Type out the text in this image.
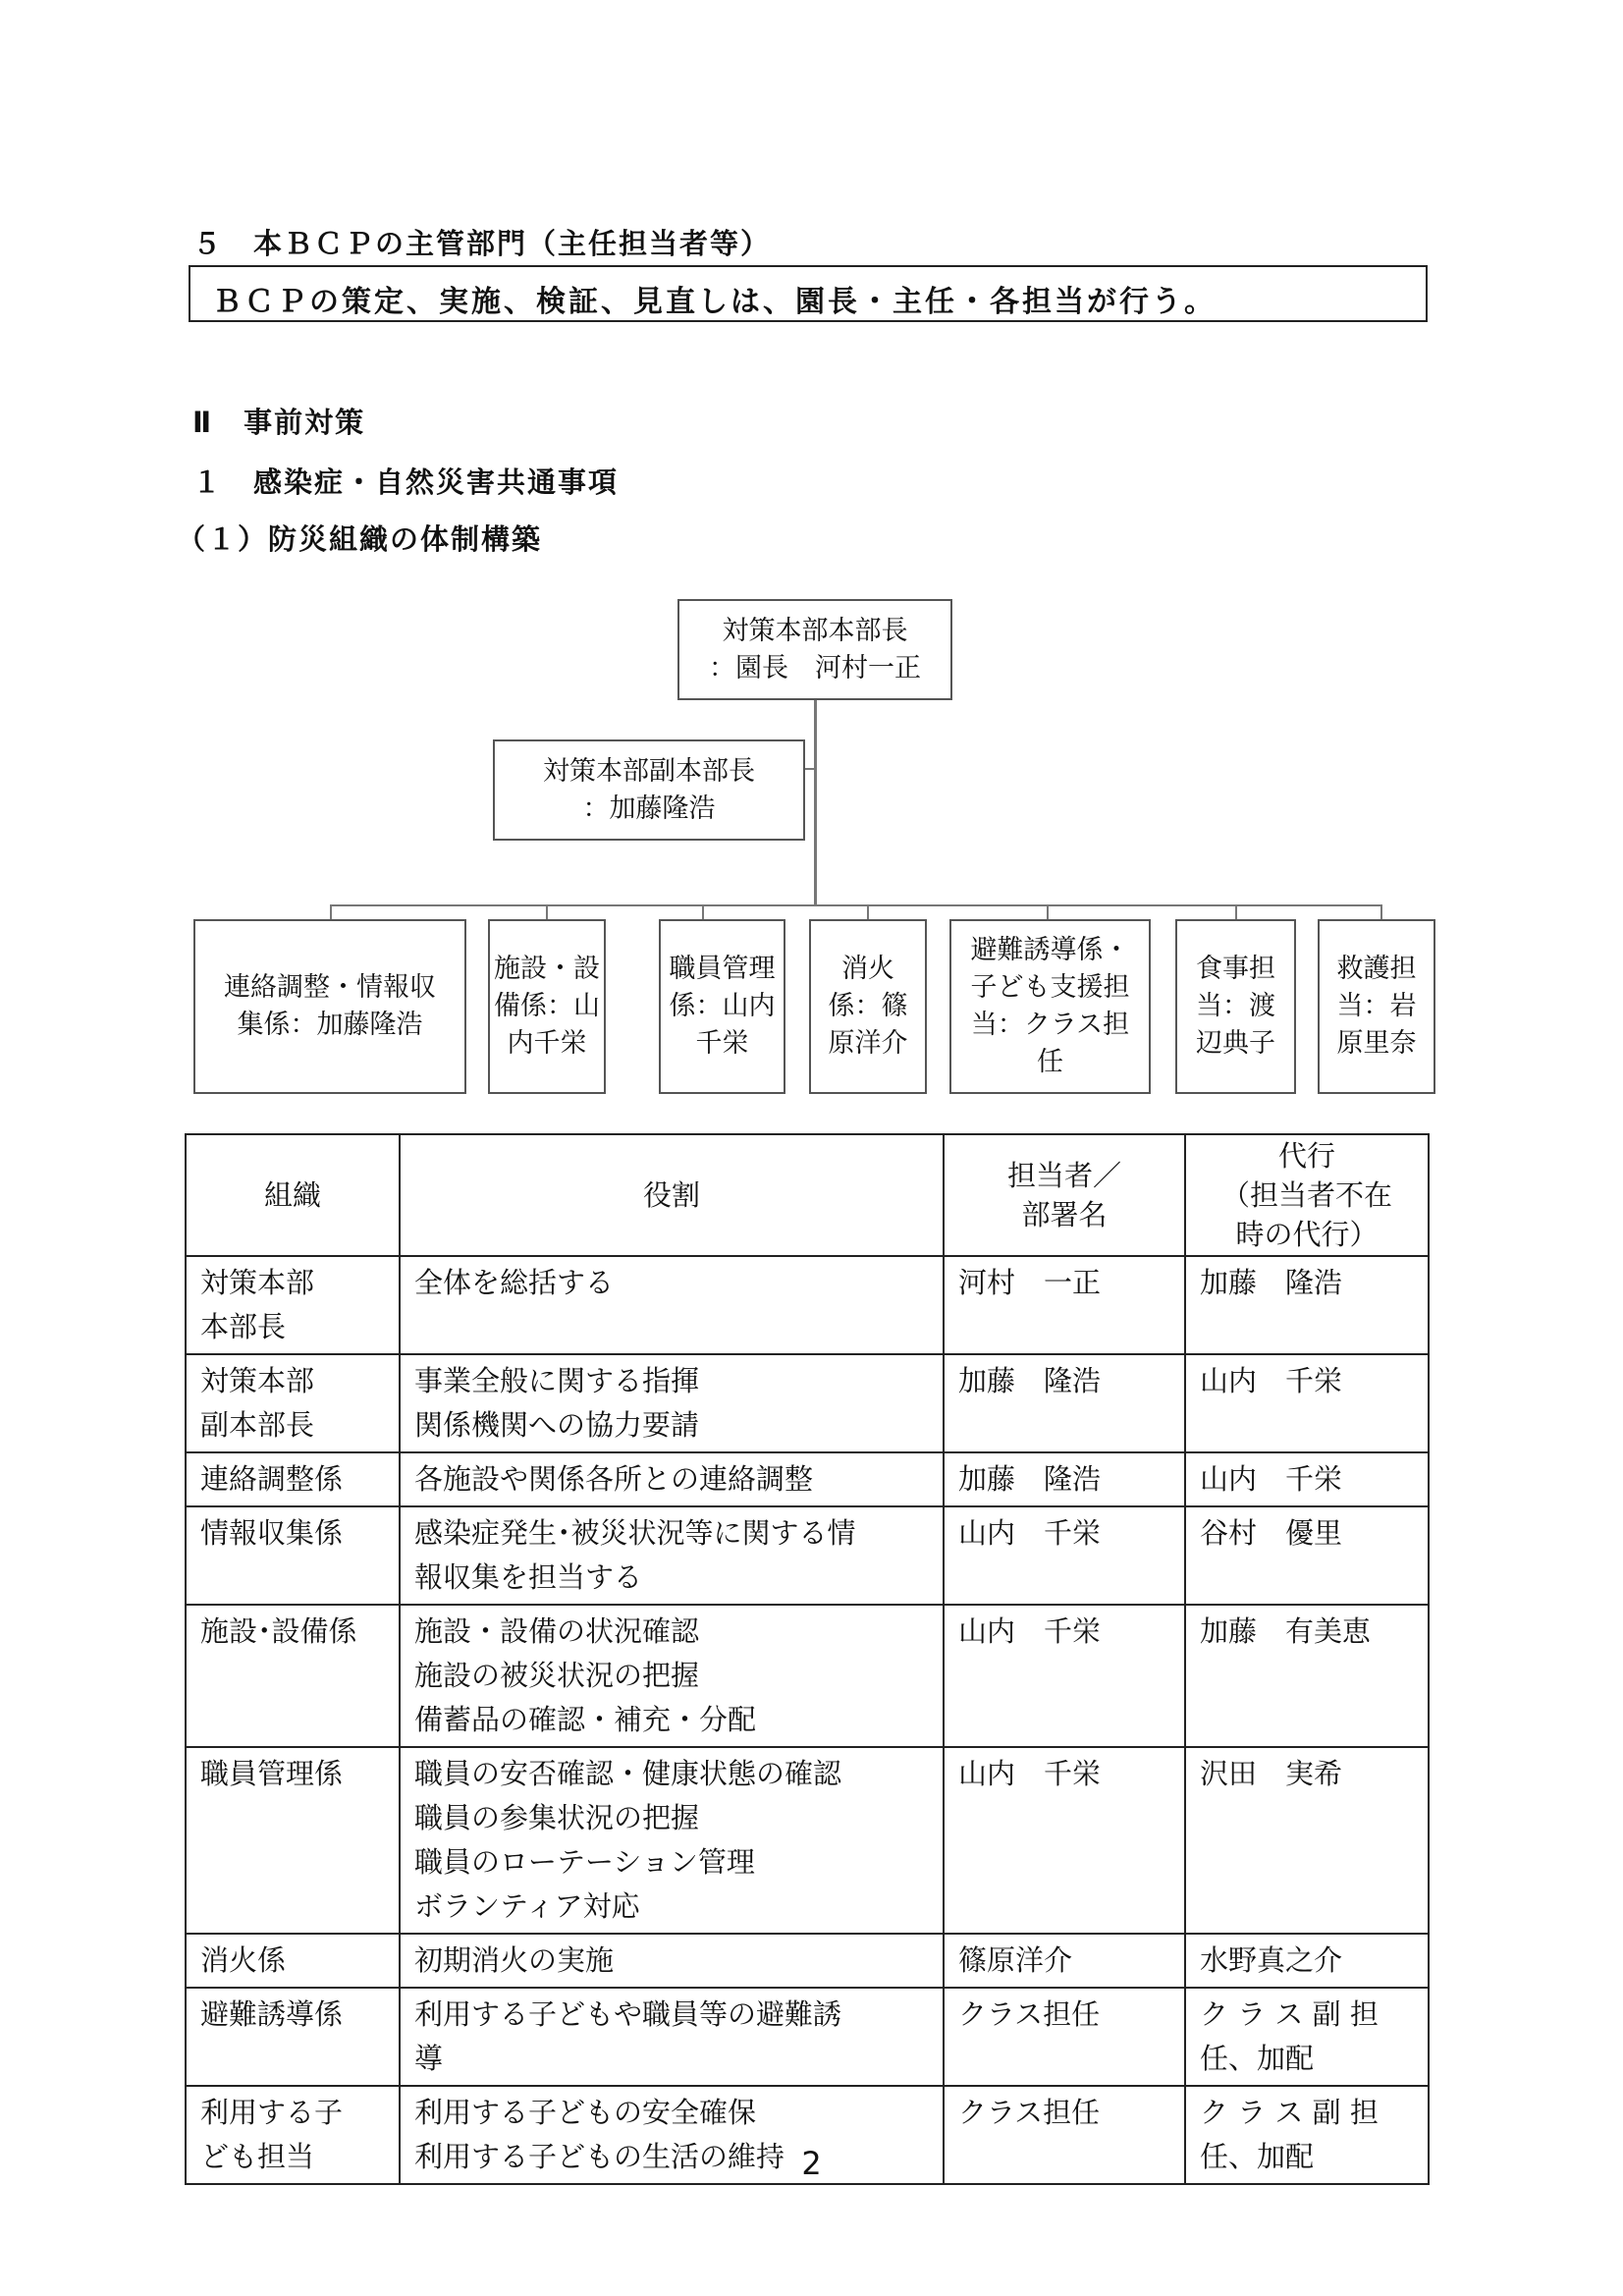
５　本ＢＣＰの主管部門（主任担当者等）
ＢＣＰの策定、実施、検証、見直しは、園長・主任・各担当が行う。
Ⅱ　事前対策
１　感染症・自然災害共通事項
（１）防災組織の体制構築
対策本部本部長
：園長　河村一正
対策本部副本部長
：加藤隆浩
連絡調整・情報収
集係：加藤隆浩
施設・設
備係：山
内千栄
職員管理
係：山内
千栄
消火
係：篠
原洋介
避難誘導係・
子ども支援担
当：クラス担
任
食事担
当：渡
辺典子
救護担
当：岩
原里奈
組織	役割	担当者／
部署名	代行
（担当者不在
時の代行）
対策本部
本部長	全体を総括する	河村　一正	加藤　隆浩
対策本部
副本部長	事業全般に関する指揮
関係機関への協力要請	加藤　隆浩	山内　千栄
連絡調整係	各施設や関係各所との連絡調整	加藤　隆浩	山内　千栄
情報収集係	感染症発生･被災状況等に関する情
報収集を担当する	山内　千栄	谷村　優里
施設･設備係	施設・設備の状況確認
施設の被災状況の把握
備蓄品の確認・補充・分配	山内　千栄	加藤　有美恵
職員管理係	職員の安否確認・健康状態の確認
職員の参集状況の把握
職員のローテーション管理
ボランティア対応	山内　千栄	沢田　実希
消火係	初期消火の実施	篠原洋介	水野真之介
避難誘導係	利用する子どもや職員等の避難誘
導	クラス担任	ク ラ ス 副 担
任、加配
利用する子
ども担当	利用する子どもの安全確保
利用する子どもの生活の維持	クラス担任	ク ラ ス 副 担
任、加配
2
